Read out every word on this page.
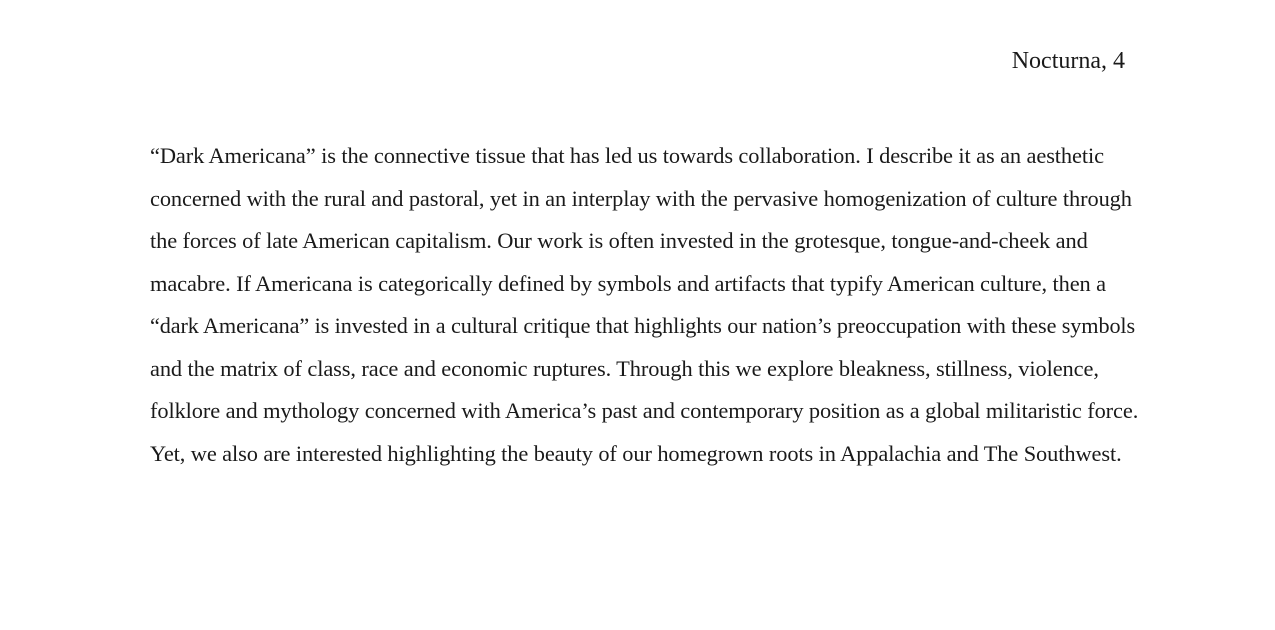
Nocturna, 4
“Dark Americana” is the connective tissue that has led us towards collaboration. I describe it as an aesthetic
concerned with the rural and pastoral, yet in an interplay with the pervasive homogenization of culture through
the forces of late American capitalism. Our work is often invested in the grotesque, tongue-and-cheek and
macabre. If Americana is categorically defined by symbols and artifacts that typify American culture, then a
“dark Americana” is invested in a cultural critique that highlights our nation’s preoccupation with these symbols
and the matrix of class, race and economic ruptures. Through this we explore bleakness, stillness, violence,
folklore and mythology concerned with America’s past and contemporary position as a global militaristic force.
Yet, we also are interested highlighting the beauty of our homegrown roots in Appalachia and The Southwest.
